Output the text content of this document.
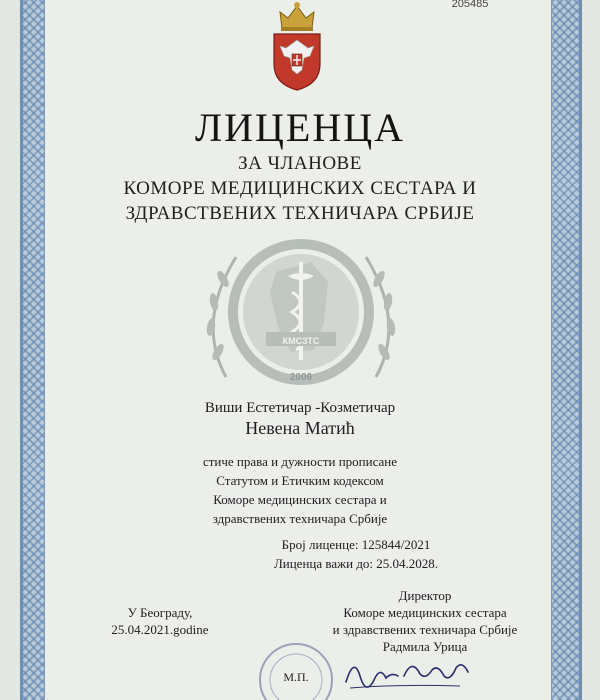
205485
ЛИЦЕНЦА
ЗА ЧЛАНОВЕ
КОМОРЕ МЕДИЦИНСКИХ СЕСТАРА И
ЗДРАВСТВЕНИХ ТЕХНИЧАРА СРБИЈЕ
КМСЗТС
2006
Виши Естетичар -Козметичар
Невена Матић
стиче права и дужности прописане
Статутом и Етичким кодексом
Коморе медицинских сестара и
здравствених техничара Србије
Број лиценце: 125844/2021
Лиценца важи до: 25.04.2028.
У Београду,
25.04.2021.godine
Директор
Коморе медицинских сестара
и здравствених техничара Србије
Радмила Урица
М.П.
